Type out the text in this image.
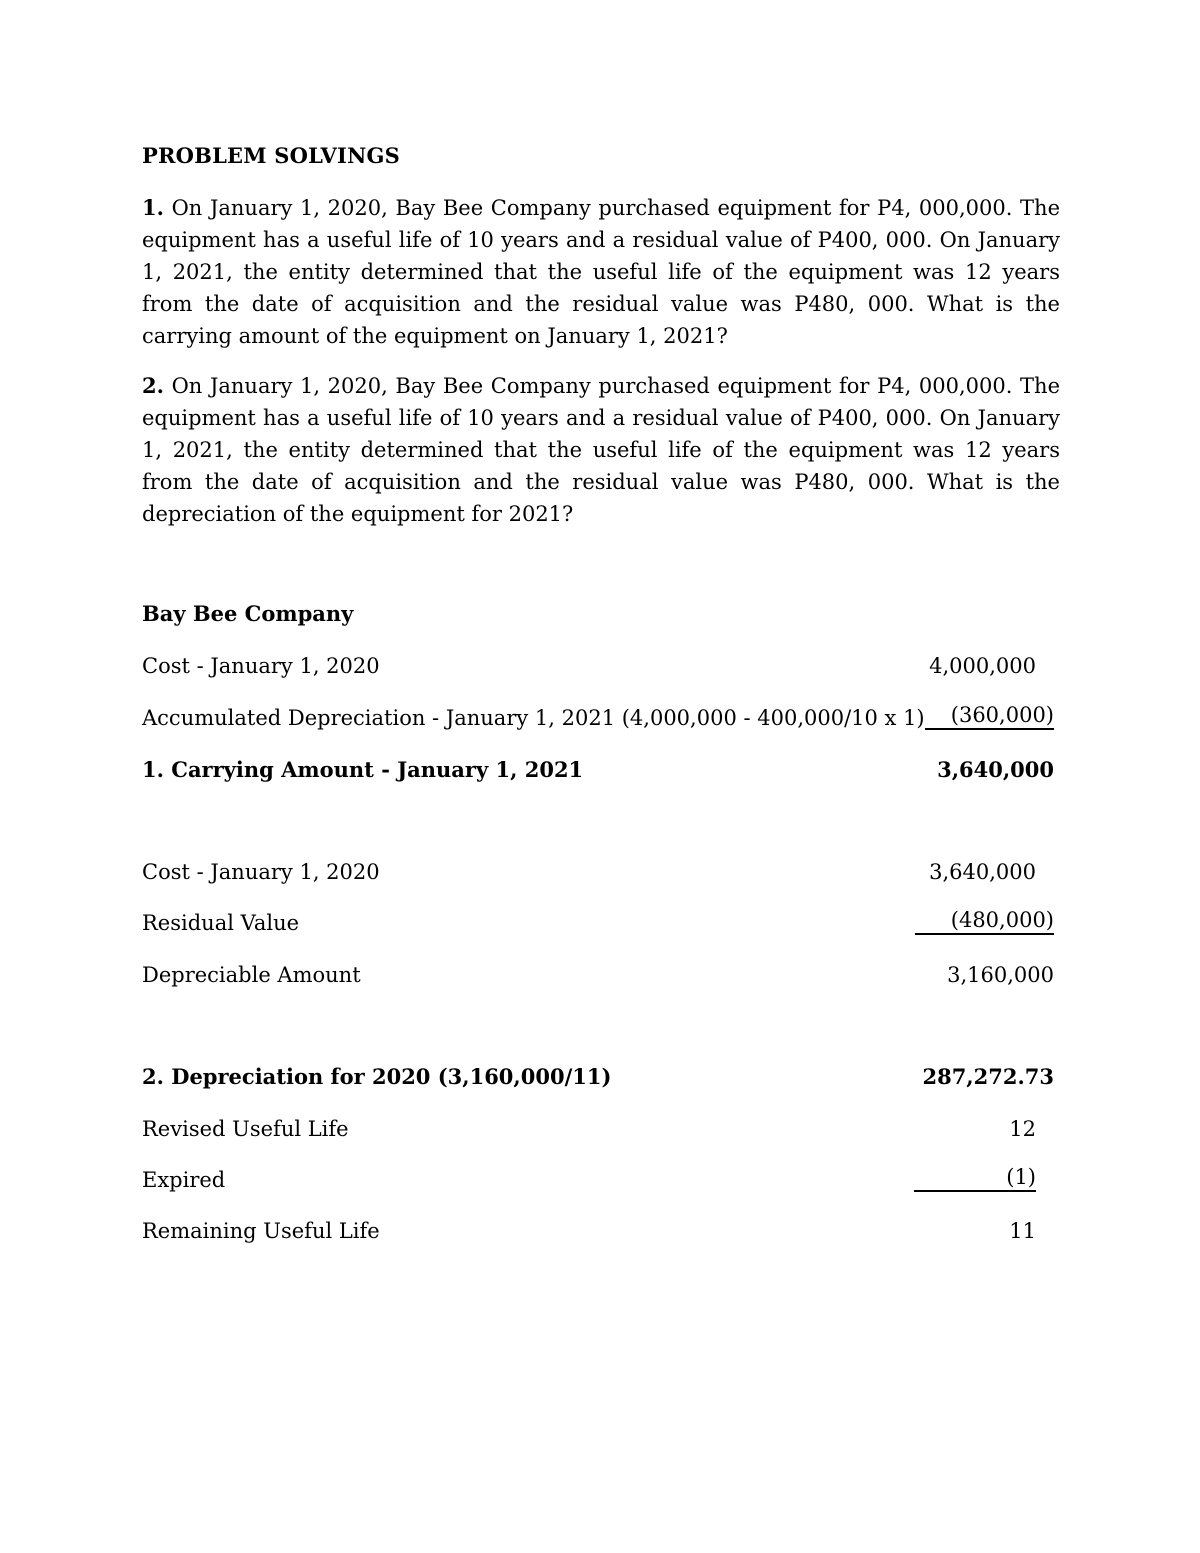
PROBLEM SOLVINGS
1. On January 1, 2020, Bay Bee Company purchased equipment for P4, 000,000. The equipment has a useful life of 10 years and a residual value of P400, 000. On January 1, 2021, the entity determined that the useful life of the equipment was 12 years from the date of acquisition and the residual value was P480, 000. What is the carrying amount of the equipment on January 1, 2021?
2. On January 1, 2020, Bay Bee Company purchased equipment for P4, 000,000. The equipment has a useful life of 10 years and a residual value of P400, 000. On January 1, 2021, the entity determined that the useful life of the equipment was 12 years from the date of acquisition and the residual value was P480, 000. What is the depreciation of the equipment for 2021?
Bay Bee Company
Cost - January 1, 2020	4,000,000
Accumulated Depreciation - January 1, 2021 (4,000,000 - 400,000/10 x 1)	(360,000)
1. Carrying Amount - January 1, 2021	3,640,000
Cost - January 1, 2020	3,640,000
Residual Value	(480,000)
Depreciable Amount	3,160,000
2. Depreciation for 2020 (3,160,000/11)	287,272.73
Revised Useful Life	12
Expired	(1)
Remaining Useful Life	11
